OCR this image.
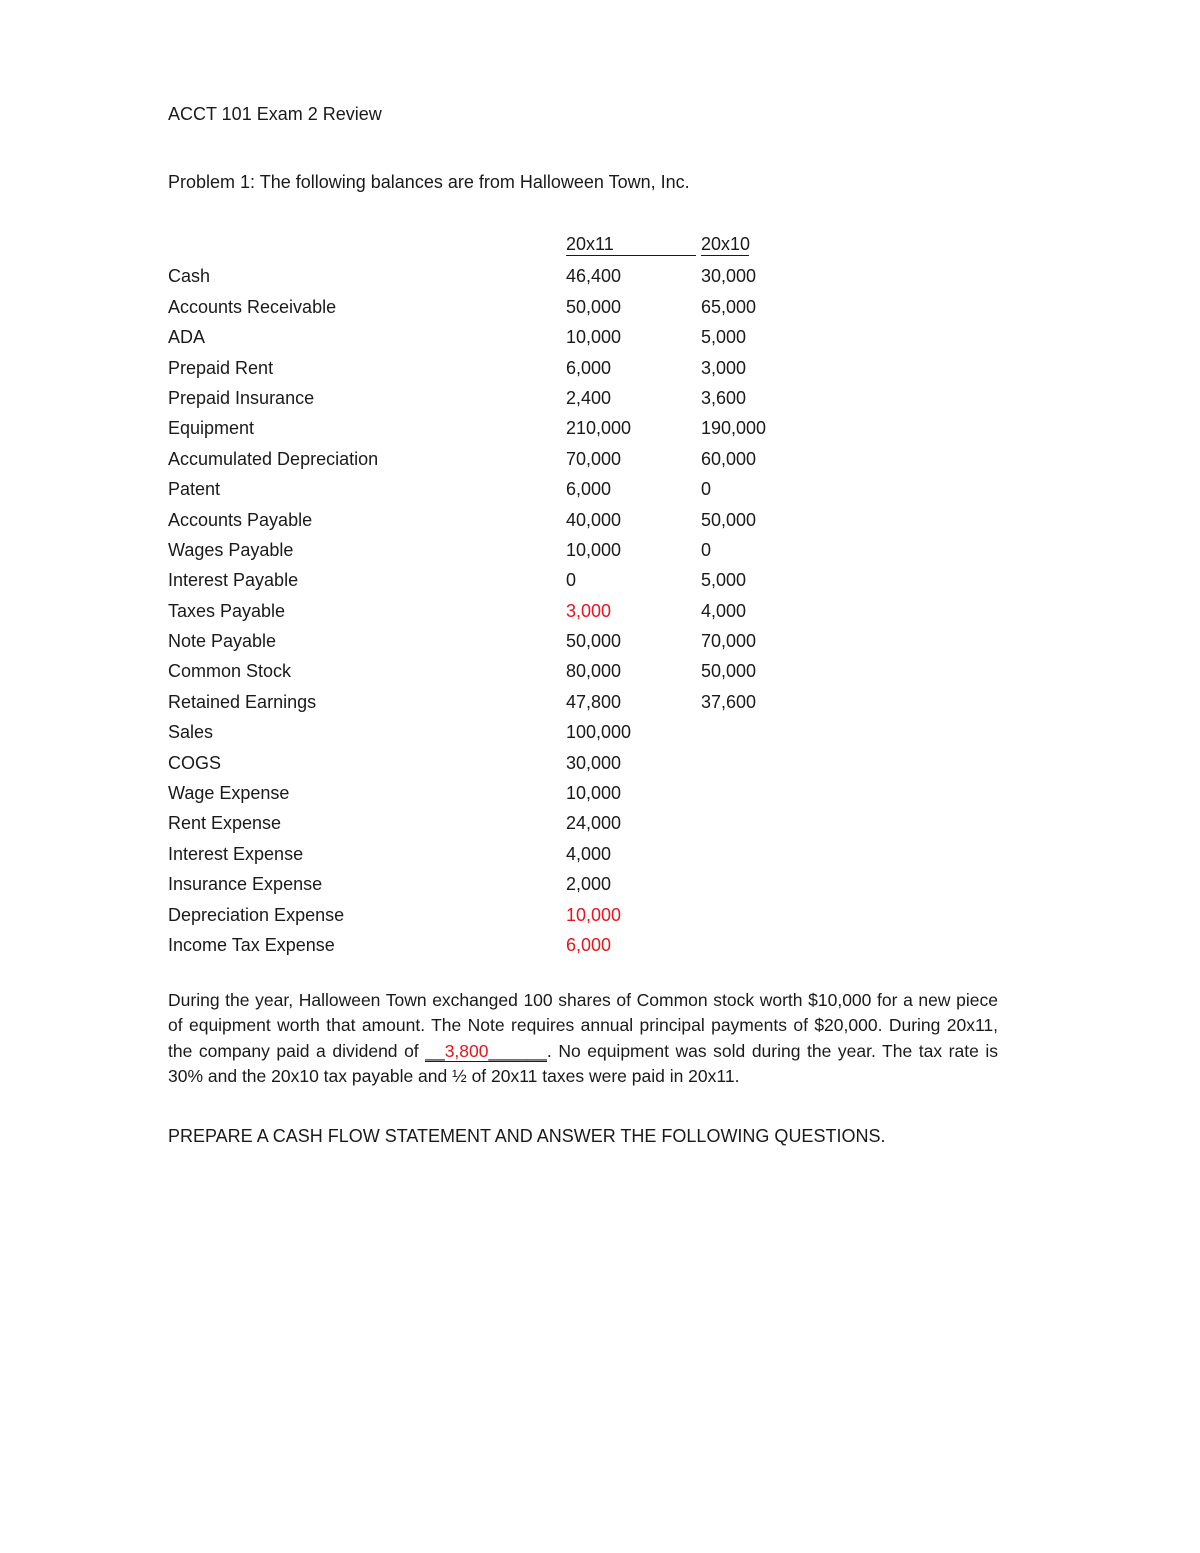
ACCT 101 Exam 2 Review
Problem 1: The following balances are from Halloween Town, Inc.
20x11	20x10
Cash	46,400	30,000
Accounts Receivable	50,000	65,000
ADA	10,000	5,000
Prepaid Rent	6,000	3,000
Prepaid Insurance	2,400	3,600
Equipment	210,000	190,000
Accumulated Depreciation	70,000	60,000
Patent	6,000	0
Accounts Payable	40,000	50,000
Wages Payable	10,000	0
Interest Payable	0	5,000
Taxes Payable	3,000	4,000
Note Payable	50,000	70,000
Common Stock	80,000	50,000
Retained Earnings	47,800	37,600
Sales	100,000
COGS	30,000
Wage Expense	10,000
Rent Expense	24,000
Interest Expense	4,000
Insurance Expense	2,000
Depreciation Expense	10,000
Income Tax Expense	6,000
During the year, Halloween Town exchanged 100 shares of Common stock worth $10,000 for a new piece of equipment worth that amount. The Note requires annual principal payments of $20,000. During 20x11, the company paid a dividend of __3,800______. No equipment was sold during the year. The tax rate is 30% and the 20x10 tax payable and ½ of 20x11 taxes were paid in 20x11.
PREPARE A CASH FLOW STATEMENT AND ANSWER THE FOLLOWING QUESTIONS.
